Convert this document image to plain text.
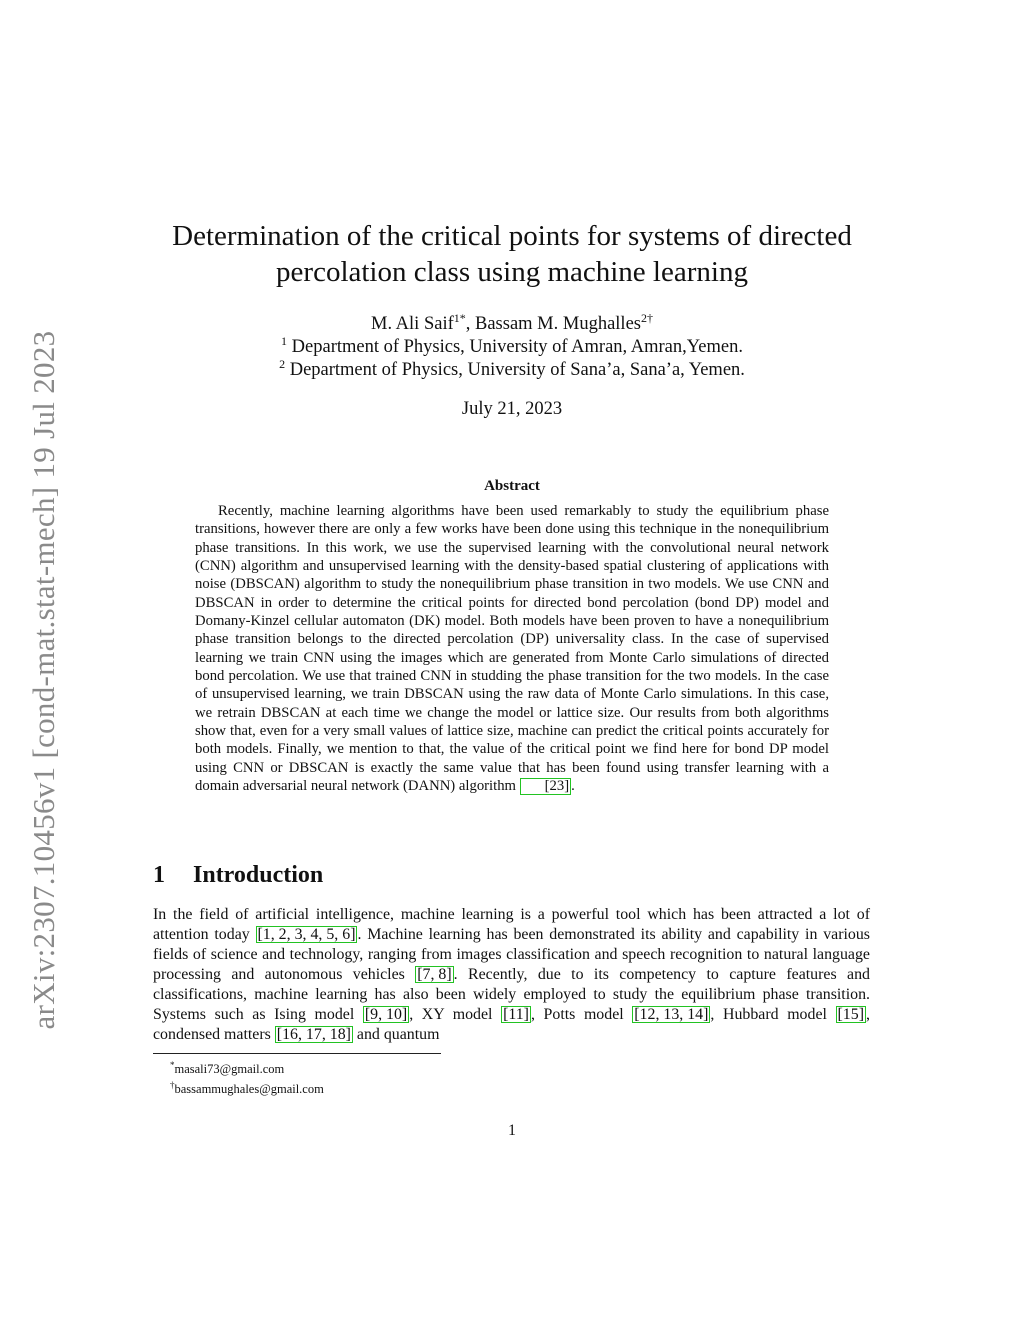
arXiv:2307.10456v1 [cond-mat.stat-mech] 19 Jul 2023
Determination of the critical points for systems of directed
percolation class using machine learning
M. Ali Saif$^{1*}$, Bassam M. Mughalles$^{2\dagger}$
$^1$ Department of Physics, University of Amran, Amran,Yemen.
$^2$ Department of Physics, University of Sana’a, Sana’a, Yemen.
July 21, 2023
Abstract

Recently, machine learning algorithms have been used remarkably to study the equilibrium phase transitions, however there are only a few works have been done using this technique in the nonequilibrium phase transitions. In this work, we use the supervised learning with the convolutional neural network (CNN) algorithm and unsupervised learning with the density-based spatial clustering of applications with noise (DBSCAN) algorithm to study the nonequilibrium phase transition in two models. We use CNN and DBSCAN in order to determine the critical points for directed bond percolation (bond DP) model and Domany-Kinzel cellular automaton (DK) model. Both models have been proven to have a nonequilibrium phase transition belongs to the directed percolation (DP) universality class. In the case of supervised learning we train CNN using the images which are generated from Monte Carlo simulations of directed bond percolation. We use that trained CNN in studding the phase transition for the two models. In the case of unsupervised learning, we train DBSCAN using the raw data of Monte Carlo simulations. In this case, we retrain DBSCAN at each time we change the model or lattice size. Our results from both algorithms show that, even for a very small values of lattice size, machine can predict the critical points accurately for both models. Finally, we mention to that, the value of the critical point we find here for bond DP model using CNN or DBSCAN is exactly the same value that has been found using transfer learning with a domain adversarial neural network (DANN) algorithm [23] .

1 Introduction

In the field of artificial intelligence, machine learning is a powerful tool which has been attracted a lot of attention today [1, 2, 3, 4, 5, 6] . Machine learning has been demonstrated its ability and capability in various fields of science and technology, ranging from images classification and speech recognition to natural language processing and autonomous vehicles [7, 8] . Recently, due to its competency to capture features and classifications, machine learning has also been widely employed to study the equilibrium phase transition. Systems such as Ising model [9, 10] , XY model [11] , Potts model [12, 13, 14] , Hubbard model [15] , condensed matters [16, 17, 18] and quantum

*masali73@gmail.com
†bassammughales@gmail.com
1
